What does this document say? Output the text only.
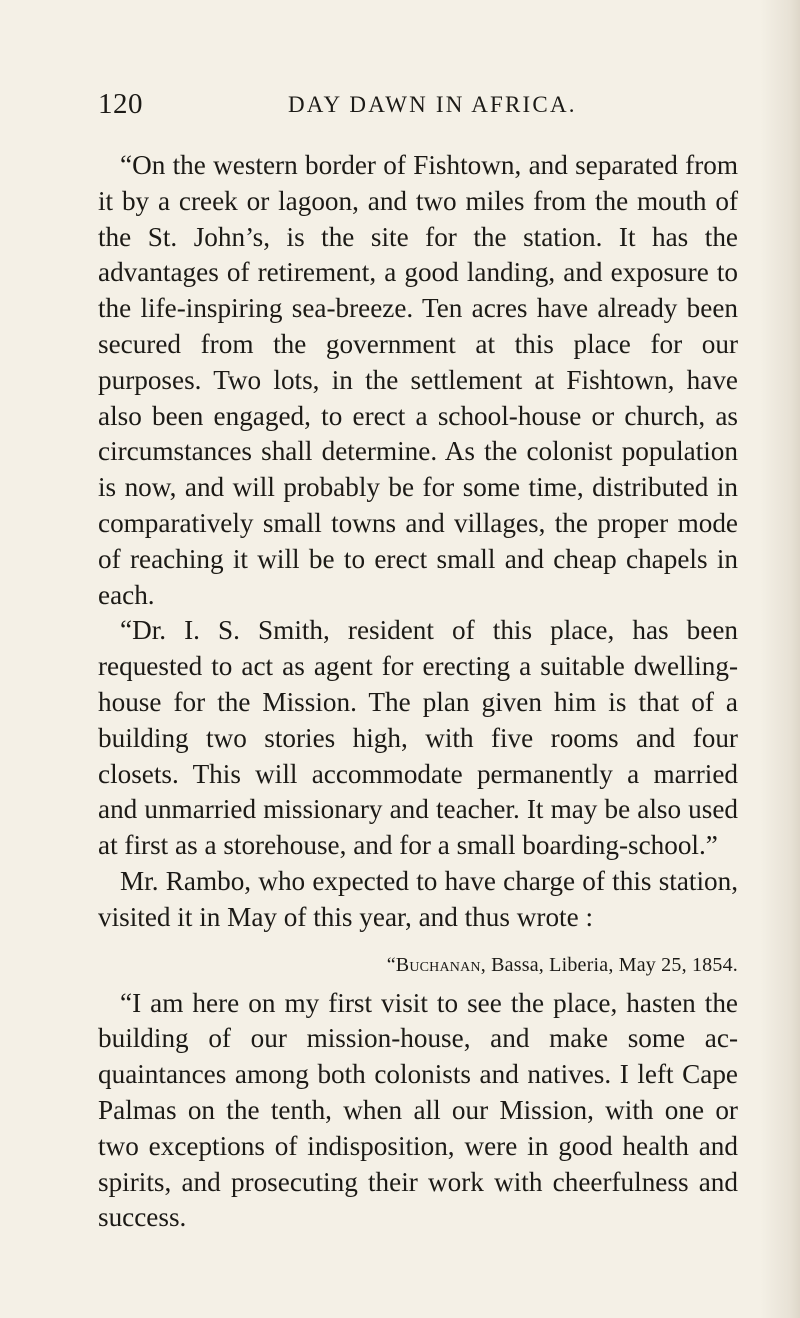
120	DAY DAWN IN AFRICA.

“On the western border of Fishtown, and separated from it by a creek or lagoon, and two miles from the mouth of the St. John’s, is the site for the station. It has the advantages of retirement, a good landing, and exposure to the life-inspiring sea-breeze. Ten acres have already been secured from the government at this place for our purposes. Two lots, in the settlement at Fishtown, have also been engaged, to erect a school-house or church, as circumstances shall determine. As the colonist population is now, and will probably be for some time, distributed in comparatively small towns and villages, the proper mode of reaching it will be to erect small and cheap chapels in each.

“Dr. I. S. Smith, resident of this place, has been requested to act as agent for erecting a suitable dwelling-house for the Mission. The plan given him is that of a building two stories high, with five rooms and four closets. This will accommodate permanently a married and unmarried missionary and teacher. It may be also used at first as a storehouse, and for a small boarding-school.”

Mr. Rambo, who expected to have charge of this station, visited it in May of this year, and thus wrote :

“Buchanan, Bassa, Liberia, May 25, 1854.

“I am here on my first visit to see the place, hasten the building of our mission-house, and make some acquaintances among both colonists and natives. I left Cape Palmas on the tenth, when all our Mission, with one or two exceptions of indisposition, were in good health and spirits, and prosecuting their work with cheerfulness and success.
